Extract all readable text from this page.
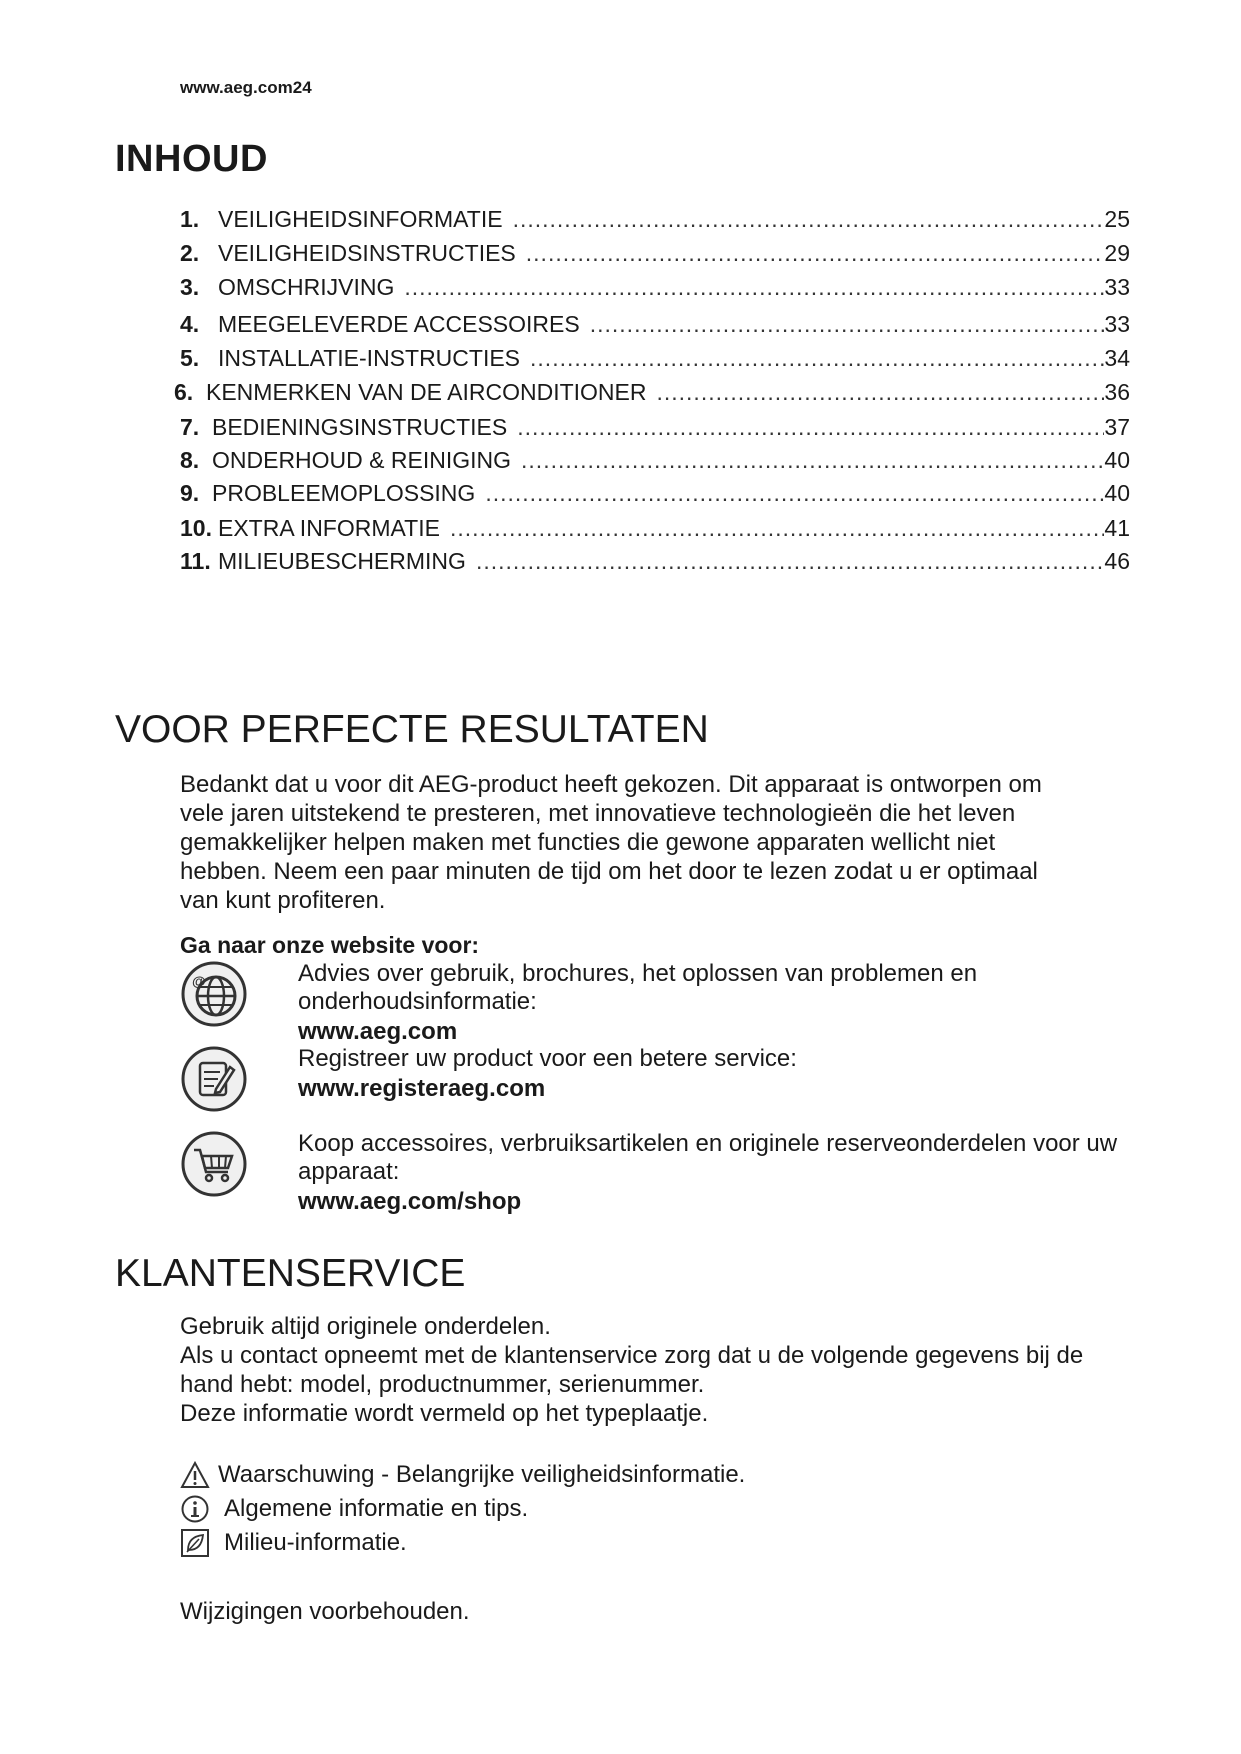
www.aeg.com24
INHOUD
1. VEILIGHEIDSINFORMATIE .....	25
2. VEILIGHEIDSINSTRUCTIES .....	29
3. OMSCHRIJVING .....	33
4. MEEGELEVERDE ACCESSOIRES .....	33
5. INSTALLATIE-INSTRUCTIES .....	34
6. KENMERKEN VAN DE AIRCONDITIONER .....	36
7. BEDIENINGSINSTRUCTIES .....	37
8. ONDERHOUD & REINIGING .....	40
9. PROBLEEMOPLOSSING .....	40
10. EXTRA INFORMATIE .....	41
11. MILIEUBESCHERMING .....	46
VOOR PERFECTE RESULTATEN

Bedankt dat u voor dit AEG-product heeft gekozen. Dit apparaat is ontworpen om vele jaren uitstekend te presteren, met innovatieve technologieën die het leven gemakkelijker helpen maken met functies die gewone apparaten wellicht niet hebben. Neem een paar minuten de tijd om het door te lezen zodat u er optimaal van kunt profiteren.

Ga naar onze website voor:
@	Advies over gebruik, brochures, het oplossen van problemen en onderhoudsinformatie:
www.aeg.com
Registreer uw product voor een betere service:
www.registeraeg.com
Koop accessoires, verbruiksartikelen en originele reserveonderdelen voor uw apparaat:
www.aeg.com/shop
KLANTENSERVICE
Gebruik altijd originele onderdelen.
Als u contact opneemt met de klantenservice zorg dat u de volgende gegevens bij de hand hebt: model, productnummer, serienummer.
Deze informatie wordt vermeld op het typeplaatje.
Waarschuwing - Belangrijke veiligheidsinformatie.
Algemene informatie en tips.
Milieu-informatie.
Wijzigingen voorbehouden.
